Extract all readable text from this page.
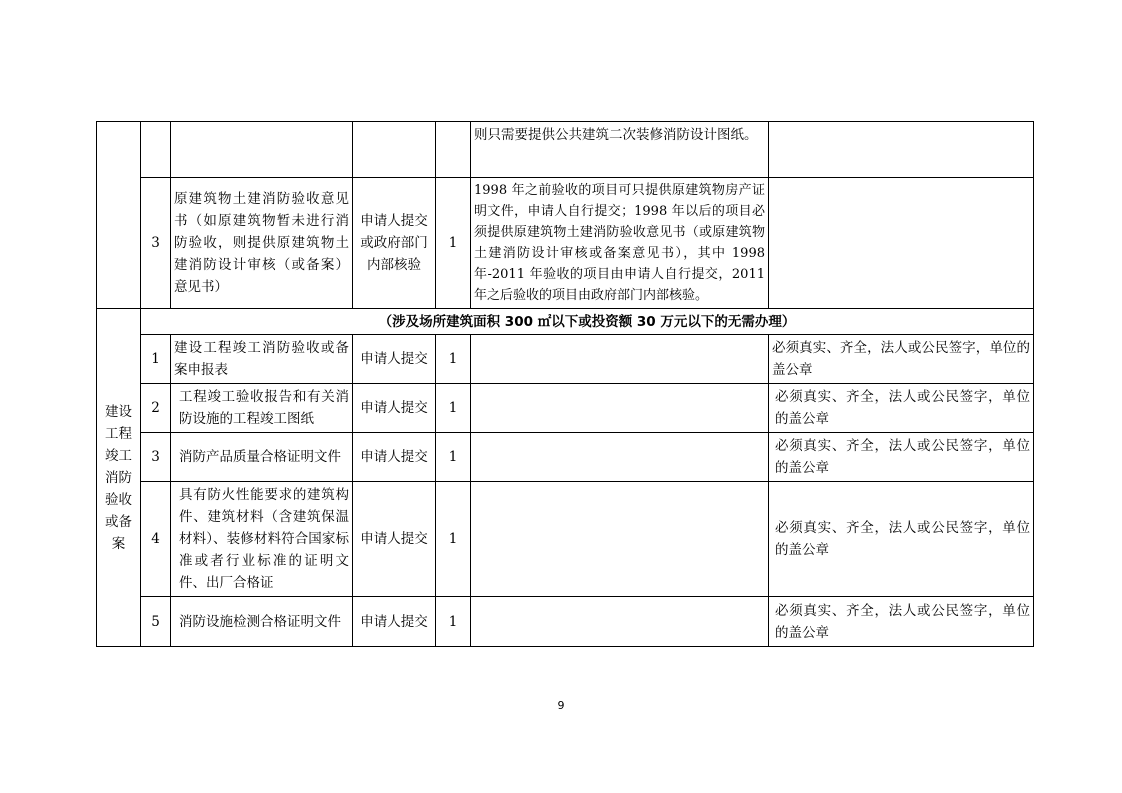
					则只需要提供公共建筑二次装修消防设计图纸。	
	3	原建筑物土建消防验收意见书（如原建筑物暂未进行消防验收，则提供原建筑物土建消防设计审核（或备案）意见书）	申请人提交或政府部门内部核验	1	1998 年之前验收的项目可只提供原建筑物房产证明文件，申请人自行提交；1998 年以后的项目必须提供原建筑物土建消防验收意见书（或原建筑物土建消防设计审核或备案意见书），其中 1998 年-2011 年验收的项目由申请人自行提交，2011 年之后验收的项目由政府部门内部核验。	
建设工程竣工消防验收或备案	（涉及场所建筑面积 300 ㎡以下或投资额 30 万元以下的无需办理）					
	1	建设工程竣工消防验收或备案申报表	申请人提交	1		必须真实、齐全，法人或公民签字，单位的盖公章
	2	工程竣工验收报告和有关消防设施的工程竣工图纸	申请人提交	1		必须真实、齐全，法人或公民签字，单位的盖公章
	3	消防产品质量合格证明文件	申请人提交	1		必须真实、齐全，法人或公民签字，单位的盖公章
	4	具有防火性能要求的建筑构件、建筑材料（含建筑保温材料）、装修材料符合国家标准或者行业标准的证明文件、出厂合格证	申请人提交	1		必须真实、齐全，法人或公民签字，单位的盖公章
	5	消防设施检测合格证明文件	申请人提交	1		必须真实、齐全，法人或公民签字，单位的盖公章
9
